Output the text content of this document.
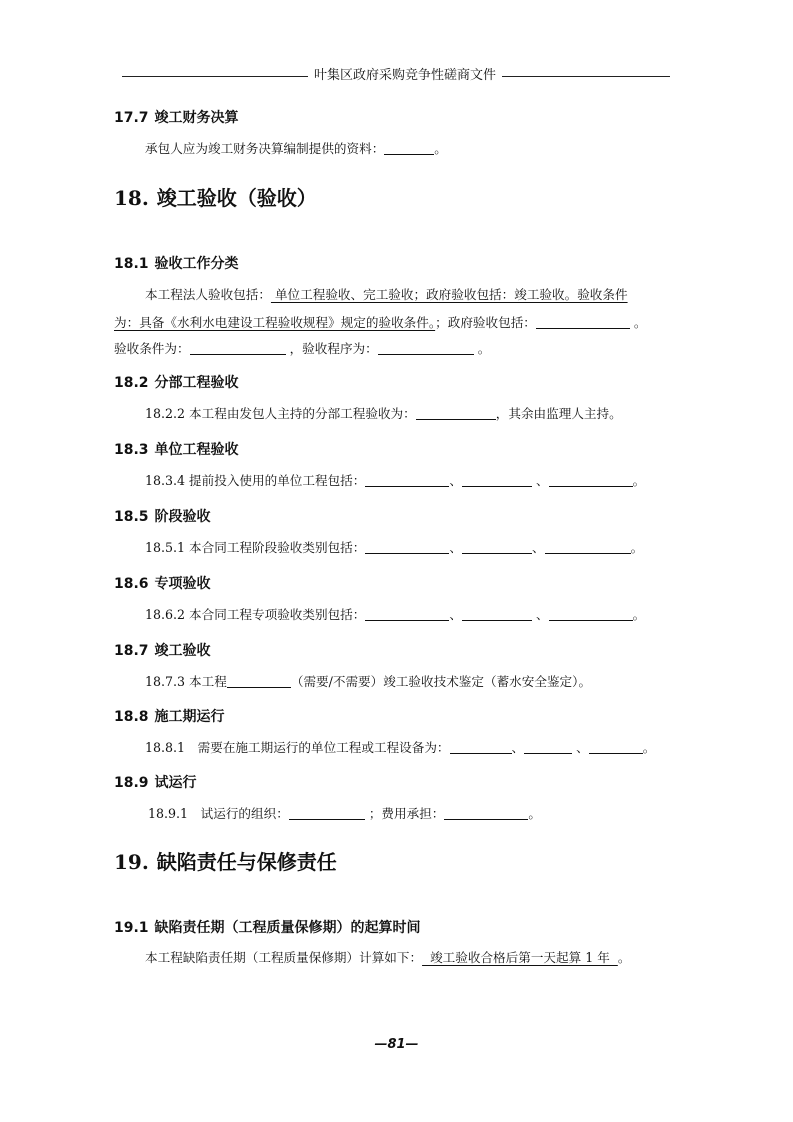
叶集区政府采购竞争性磋商文件
17.7 竣工财务决算
承包人应为竣工财务决算编制提供的资料：	。
18. 竣工验收（验收）
18.1 验收工作分类
本工程法人验收包括： 单位工程验收、完工验收；政府验收包括：竣工验收。验收条件
为：具备《水利水电建设工程验收规程》规定的验收条件。；政府验收包括：	。
验收条件为：	，验收程序为：	。
18.2 分部工程验收
18.2.2 本工程由发包人主持的分部工程验收为：	，其余由监理人主持。
18.3 单位工程验收
18.3.4 提前投入使用的单位工程包括：	、	、	。
18.5 阶段验收
18.5.1 本合同工程阶段验收类别包括：	、	、	。
18.6 专项验收
18.6.2 本合同工程专项验收类别包括：	、	、	。
18.7 竣工验收
18.7.3 本工程	（需要/不需要）竣工验收技术鉴定（蓄水安全鉴定）。
18.8 施工期运行
18.8.1　需要在施工期运行的单位工程或工程设备为：	、	、	。
18.9 试运行
18.9.1　试运行的组织：	；费用承担：	。
19. 缺陷责任与保修责任
19.1 缺陷责任期（工程质量保修期）的起算时间
本工程缺陷责任期（工程质量保修期）计算如下：  竣工验收合格后第一天起算 1 年  。
—81—
